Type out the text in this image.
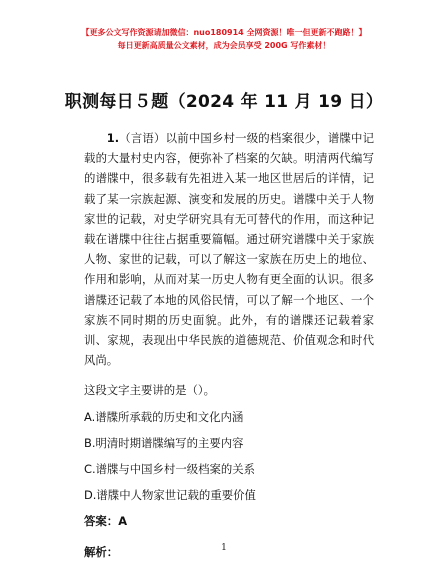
【更多公文写作资源请加微信：nuo180914 全网资源！唯一但更新不跑路！】
每日更新高质量公文素材，成为会员享受 200G 写作素材！
职测每日５题（2024 年 11 月 19 日）

1.（言语）以前中国乡村一级的档案很少，谱牒中记载的大量村史内容，便弥补了档案的欠缺。明清两代编写的谱牒中，很多载有先祖进入某一地区世居后的详情，记载了某一宗族起源、演变和发展的历史。谱牒中关于人物家世的记载，对史学研究具有无可替代的作用，而这种记载在谱牒中往往占据重要篇幅。通过研究谱牒中关于家族人物、家世的记载，可以了解这一家族在历史上的地位、作用和影响，从而对某一历史人物有更全面的认识。很多谱牒还记载了本地的风俗民情，可以了解一个地区、一个家族不同时期的历史面貌。此外，有的谱牒还记载着家训、家规，表现出中华民族的道德规范、价值观念和时代风尚。

这段文字主要讲的是（）。

A.谱牒所承载的历史和文化内涵

B.明清时期谱牒编写的主要内容

C.谱牒与中国乡村一级档案的关系

D.谱牒中人物家世记载的重要价值

答案：A
解析：	1
